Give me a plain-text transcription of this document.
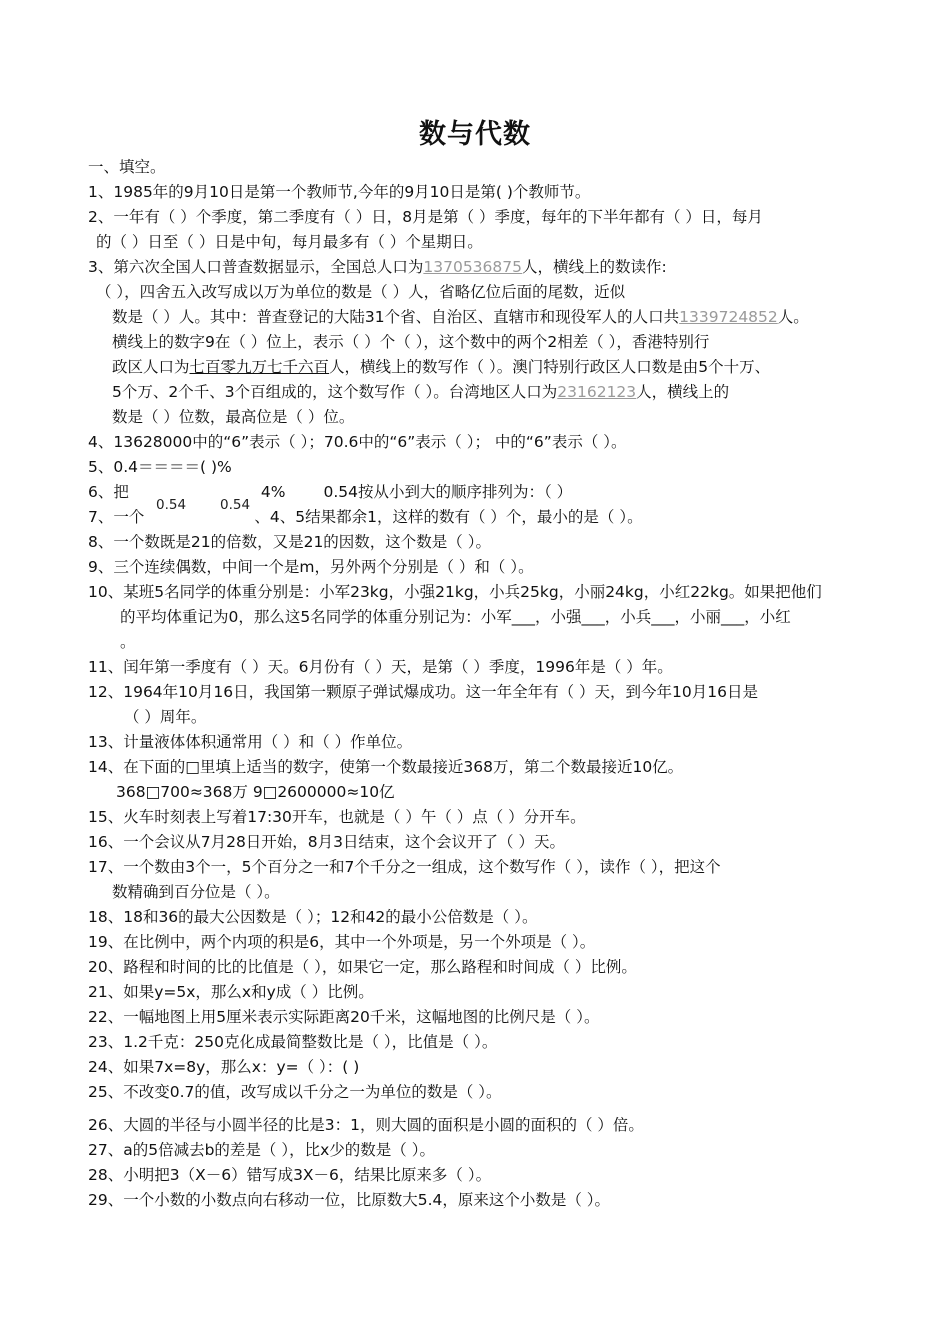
数与代数
一、填空。
1、1985年的9月10日是第一个教师节,今年的9月10日是第( )个教师节。
2、一年有（ ）个季度，第二季度有（ ）日，8月是第（ ）季度，每年的下半年都有（ ）日，每月
的（ ）日至（ ）日是中旬，每月最多有（ ）个星期日。
3、第六次全国人口普查数据显示，全国总人口为1370536875人，横线上的数读作:
（ ），四舍五入改写成以万为单位的数是（ ）人，省略亿位后面的尾数，近似
数是（ ）人。其中：普查登记的大陆31个省、自治区、直辖市和现役军人的人口共1339724852人。
横线上的数字9在（ ）位上，表示（ ）个（ ），这个数中的两个2相差（ ），香港特别行
政区人口为七百零九万七千六百人，横线上的数写作（ ）。澳门特别行政区人口数是由5个十万、
5个万、2个千、3个百组成的，这个数写作（ ）。台湾地区人口为23162123人，横线上的
数是（ ）位数，最高位是（ ）位。
4、13628000中的“6”表示（ ）；70.6中的“6”表示（ ）； 中的“6”表示（ ）。
5、0.4＝＝＝＝( )%
6、把	4% 0.54按从小到大的顺序排列为：（ ）
0.54	0.54
7、一个	、4、5结果都余1，这样的数有（ ）个，最小的是（ ）。
8、一个数既是21的倍数，又是21的因数，这个数是（ ）。
9、三个连续偶数，中间一个是m，另外两个分别是（ ）和（ ）。
10、某班5名同学的体重分别是：小军23kg，小强21kg，小兵25kg，小丽24kg，小红22kg。如果把他们
的平均体重记为0，那么这5名同学的体重分别记为：小军___，小强___，小兵___，小丽___，小红
。
11、闰年第一季度有（ ）天。6月份有（ ）天，是第（ ）季度，1996年是（ ）年。
12、1964年10月16日，我国第一颗原子弹试爆成功。这一年全年有（ ）天，到今年10月16日是
（ ）周年。
13、计量液体体积通常用（ ）和（ ）作单位。
14、在下面的□里填上适当的数字，使第一个数最接近368万，第二个数最接近10亿。
368□700≈368万 9□2600000≈10亿
15、火车时刻表上写着17:30开车，也就是（ ）午（ ）点（ ）分开车。
16、一个会议从7月28日开始，8月3日结束，这个会议开了（ ）天。
17、一个数由3个一，5个百分之一和7个千分之一组成，这个数写作（ ），读作（ ），把这个
数精确到百分位是（ ）。
18、18和36的最大公因数是（ ）；12和42的最小公倍数是（ ）。
19、在比例中，两个内项的积是6，其中一个外项是，另一个外项是（ ）。
20、路程和时间的比的比值是（ ），如果它一定，那么路程和时间成（ ）比例。
21、如果y=5x，那么x和y成（ ）比例。
22、一幅地图上用5厘米表示实际距离20千米，这幅地图的比例尺是（ ）。
23、1.2千克：250克化成最简整数比是（ ），比值是（ ）。
24、如果7x=8y，那么x：y=（ ）：( )
25、不改变0.7的值，改写成以千分之一为单位的数是（ ）。
26、大圆的半径与小圆半径的比是3：1，则大圆的面积是小圆的面积的（ ）倍。
27、a的5倍减去b的差是（ ），比x少的数是（ ）。
28、小明把3（X－6）错写成3X－6，结果比原来多（ ）。
29、一个小数的小数点向右移动一位，比原数大5.4，原来这个小数是（ ）。
